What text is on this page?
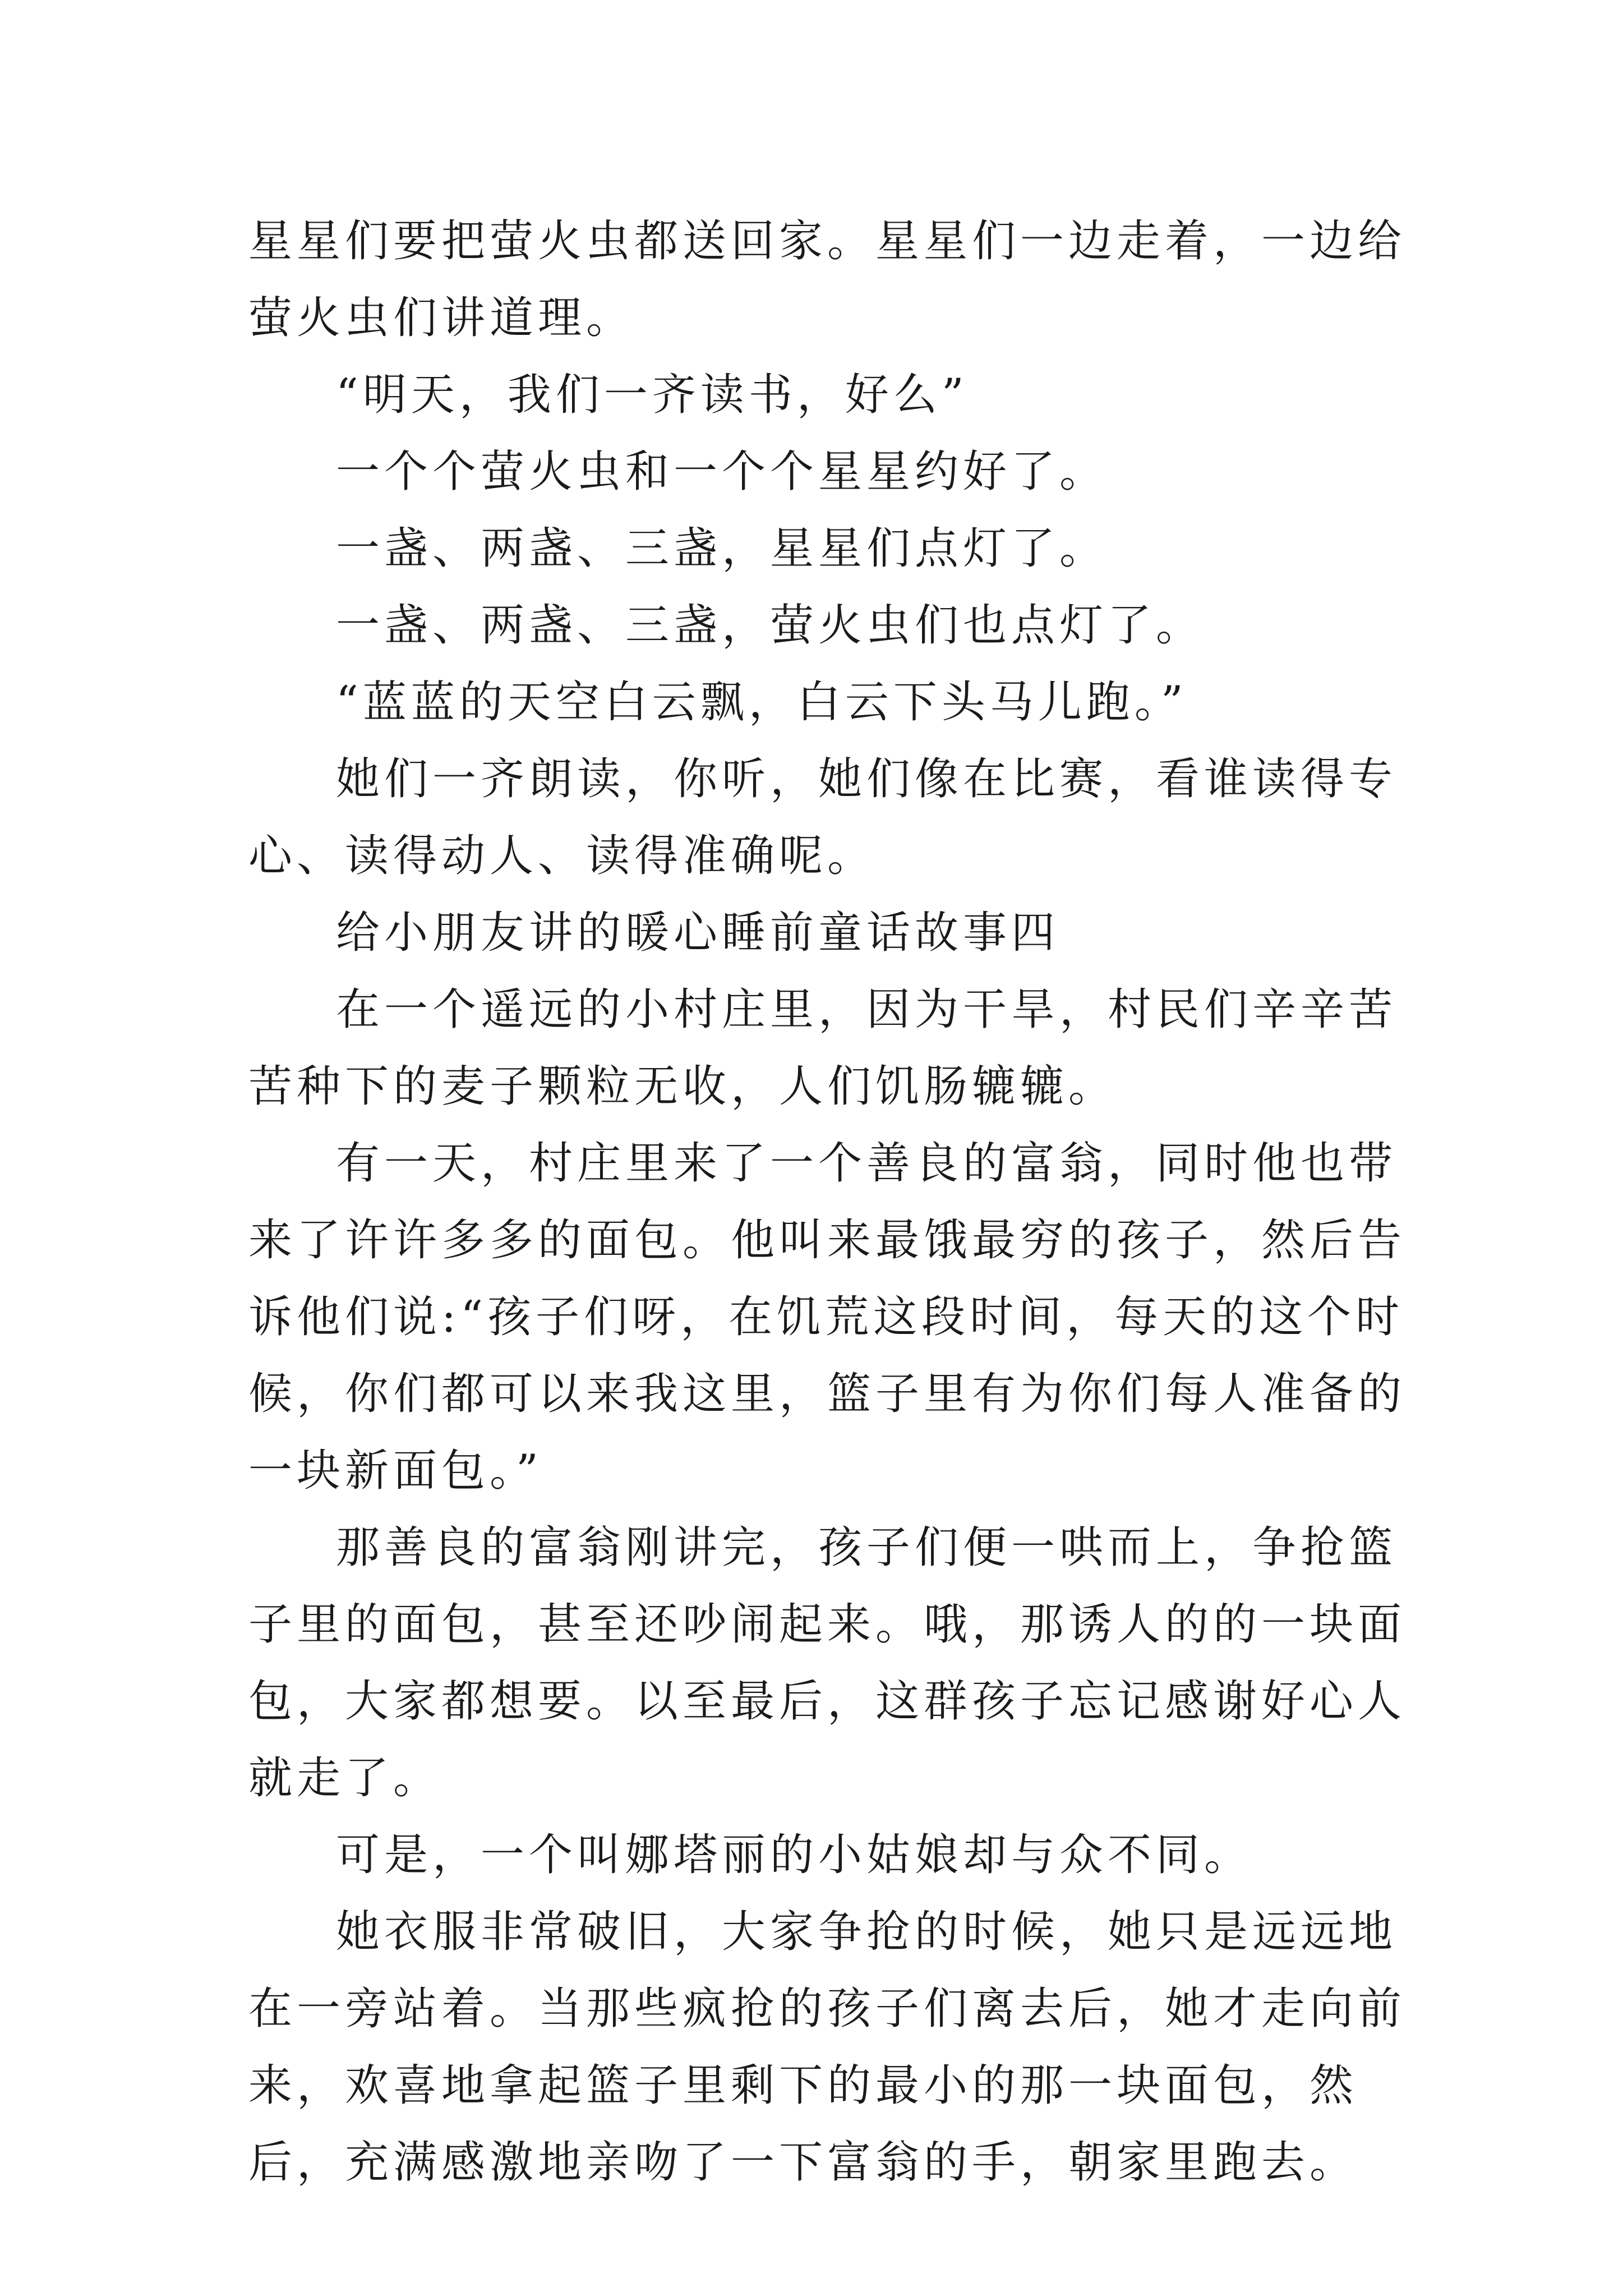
星星们要把萤火虫都送回家。星星们一边走着，一边给萤火虫们讲道理。

“明天，我们一齐读书，好么”

一个个萤火虫和一个个星星约好了。

一盏、两盏、三盏，星星们点灯了。

一盏、两盏、三盏，萤火虫们也点灯了。

“蓝蓝的天空白云飘，白云下头马儿跑。”

她们一齐朗读，你听，她们像在比赛，看谁读得专心、读得动人、读得准确呢。

给小朋友讲的暖心睡前童话故事四

在一个遥远的小村庄里，因为干旱，村民们辛辛苦苦种下的麦子颗粒无收，人们饥肠辘辘。

有一天，村庄里来了一个善良的富翁，同时他也带来了许许多多的面包。他叫来最饿最穷的孩子，然后告诉他们说:“孩子们呀，在饥荒这段时间，每天的这个时候，你们都可以来我这里，篮子里有为你们每人准备的一块新面包。”

那善良的富翁刚讲完，孩子们便一哄而上，争抢篮子里的面包，甚至还吵闹起来。哦，那诱人的的一块面包，大家都想要。以至最后，这群孩子忘记感谢好心人就走了。

可是，一个叫娜塔丽的小姑娘却与众不同。

她衣服非常破旧，大家争抢的时候，她只是远远地在一旁站着。当那些疯抢的孩子们离去后，她才走向前来，欢喜地拿起篮子里剩下的最小的那一块面包，然后，充满感激地亲吻了一下富翁的手，朝家里跑去。
